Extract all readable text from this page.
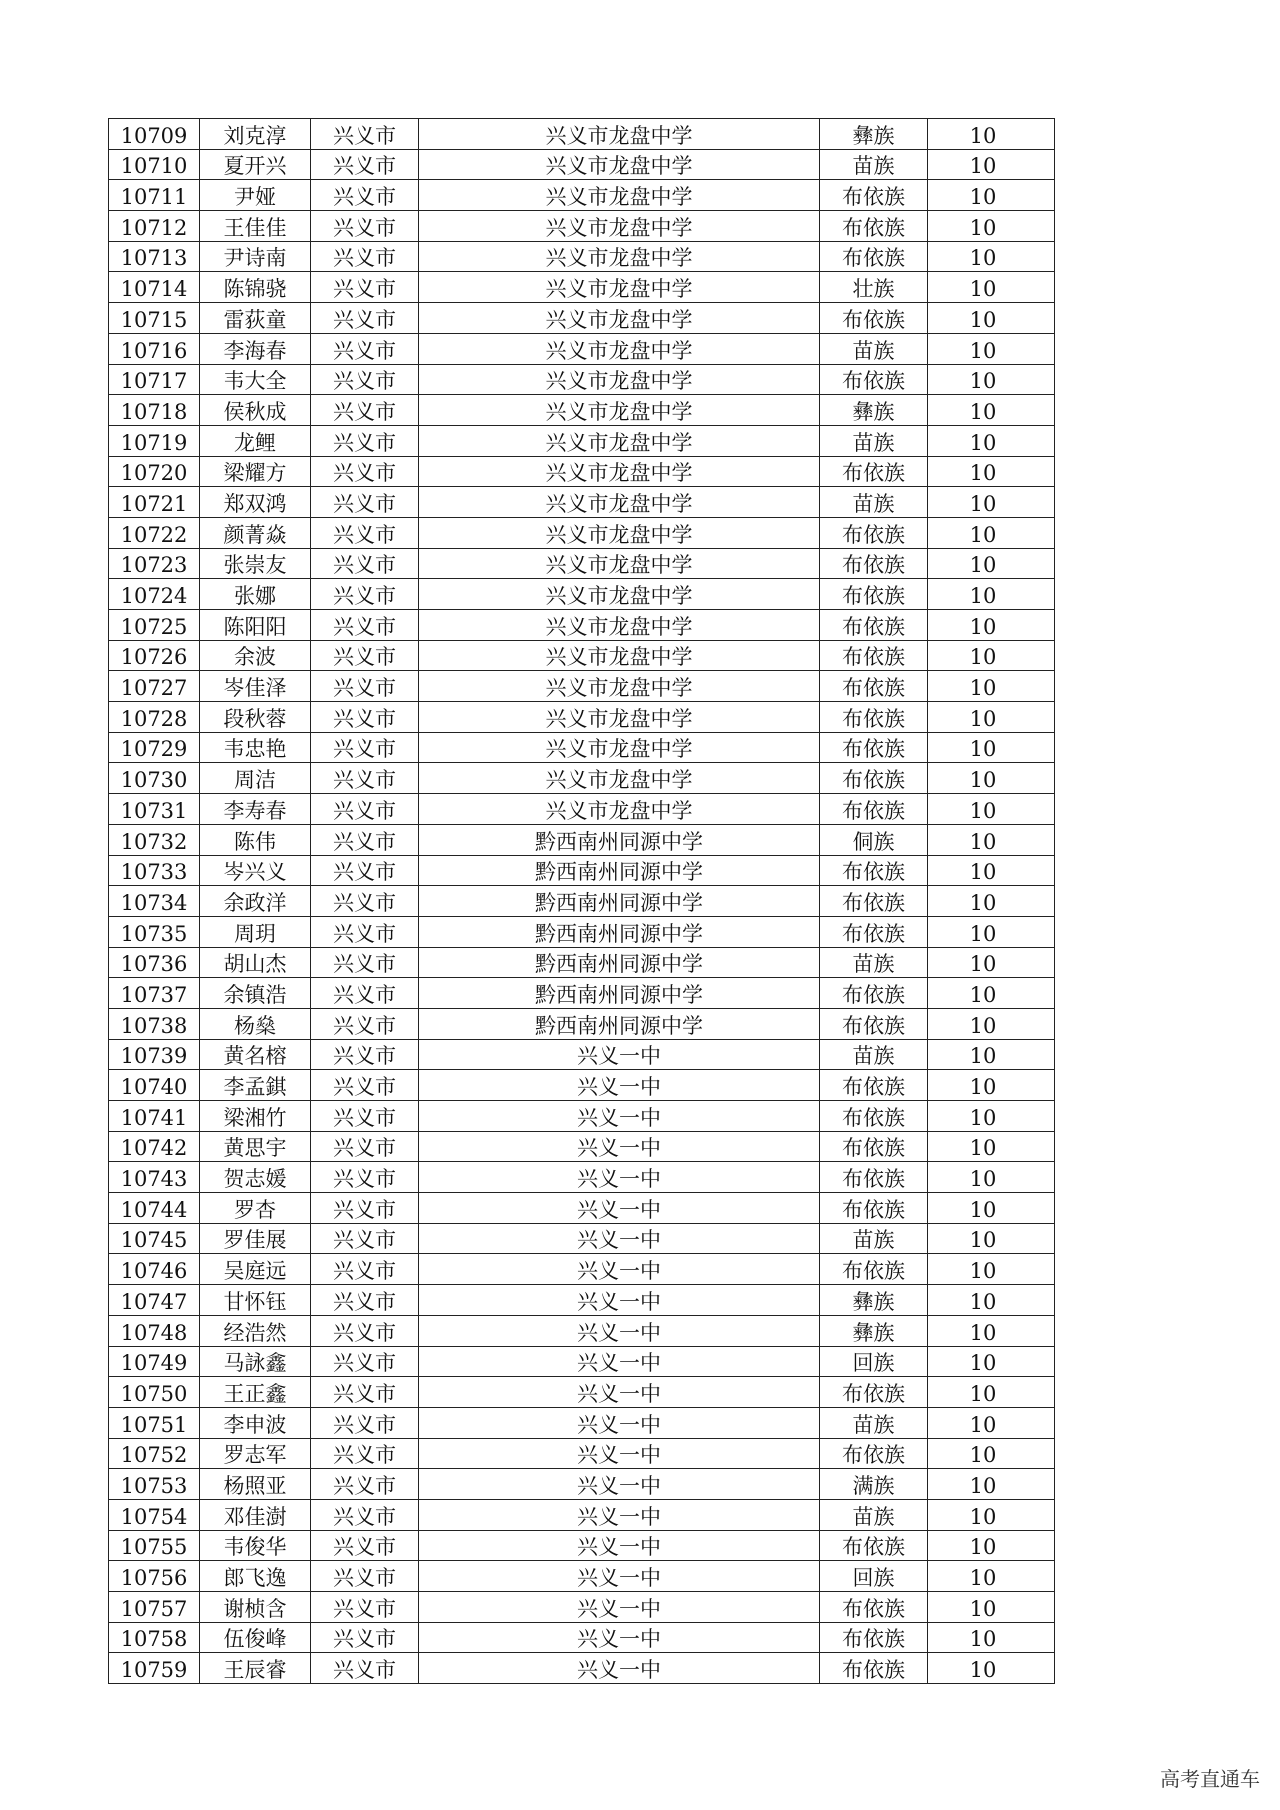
10709	刘克淳	兴义市	兴义市龙盘中学	彝族	10
10710	夏开兴	兴义市	兴义市龙盘中学	苗族	10
10711	尹娅	兴义市	兴义市龙盘中学	布依族	10
10712	王佳佳	兴义市	兴义市龙盘中学	布依族	10
10713	尹诗南	兴义市	兴义市龙盘中学	布依族	10
10714	陈锦骁	兴义市	兴义市龙盘中学	壮族	10
10715	雷荻童	兴义市	兴义市龙盘中学	布依族	10
10716	李海春	兴义市	兴义市龙盘中学	苗族	10
10717	韦大全	兴义市	兴义市龙盘中学	布依族	10
10718	侯秋成	兴义市	兴义市龙盘中学	彝族	10
10719	龙鲤	兴义市	兴义市龙盘中学	苗族	10
10720	梁耀方	兴义市	兴义市龙盘中学	布依族	10
10721	郑双鸿	兴义市	兴义市龙盘中学	苗族	10
10722	颜菁焱	兴义市	兴义市龙盘中学	布依族	10
10723	张崇友	兴义市	兴义市龙盘中学	布依族	10
10724	张娜	兴义市	兴义市龙盘中学	布依族	10
10725	陈阳阳	兴义市	兴义市龙盘中学	布依族	10
10726	余波	兴义市	兴义市龙盘中学	布依族	10
10727	岑佳泽	兴义市	兴义市龙盘中学	布依族	10
10728	段秋蓉	兴义市	兴义市龙盘中学	布依族	10
10729	韦忠艳	兴义市	兴义市龙盘中学	布依族	10
10730	周洁	兴义市	兴义市龙盘中学	布依族	10
10731	李寿春	兴义市	兴义市龙盘中学	布依族	10
10732	陈伟	兴义市	黔西南州同源中学	侗族	10
10733	岑兴义	兴义市	黔西南州同源中学	布依族	10
10734	余政洋	兴义市	黔西南州同源中学	布依族	10
10735	周玥	兴义市	黔西南州同源中学	布依族	10
10736	胡山杰	兴义市	黔西南州同源中学	苗族	10
10737	余镇浩	兴义市	黔西南州同源中学	布依族	10
10738	杨燊	兴义市	黔西南州同源中学	布依族	10
10739	黄名榕	兴义市	兴义一中	苗族	10
10740	李孟錤	兴义市	兴义一中	布依族	10
10741	梁湘竹	兴义市	兴义一中	布依族	10
10742	黄思宇	兴义市	兴义一中	布依族	10
10743	贺志媛	兴义市	兴义一中	布依族	10
10744	罗杏	兴义市	兴义一中	布依族	10
10745	罗佳展	兴义市	兴义一中	苗族	10
10746	吴庭远	兴义市	兴义一中	布依族	10
10747	甘怀钰	兴义市	兴义一中	彝族	10
10748	经浩然	兴义市	兴义一中	彝族	10
10749	马詠鑫	兴义市	兴义一中	回族	10
10750	王正鑫	兴义市	兴义一中	布依族	10
10751	李申波	兴义市	兴义一中	苗族	10
10752	罗志军	兴义市	兴义一中	布依族	10
10753	杨照亚	兴义市	兴义一中	满族	10
10754	邓佳澍	兴义市	兴义一中	苗族	10
10755	韦俊华	兴义市	兴义一中	布依族	10
10756	郎飞逸	兴义市	兴义一中	回族	10
10757	谢桢含	兴义市	兴义一中	布依族	10
10758	伍俊峰	兴义市	兴义一中	布依族	10
10759	王辰睿	兴义市	兴义一中	布依族	10
高考直通车
